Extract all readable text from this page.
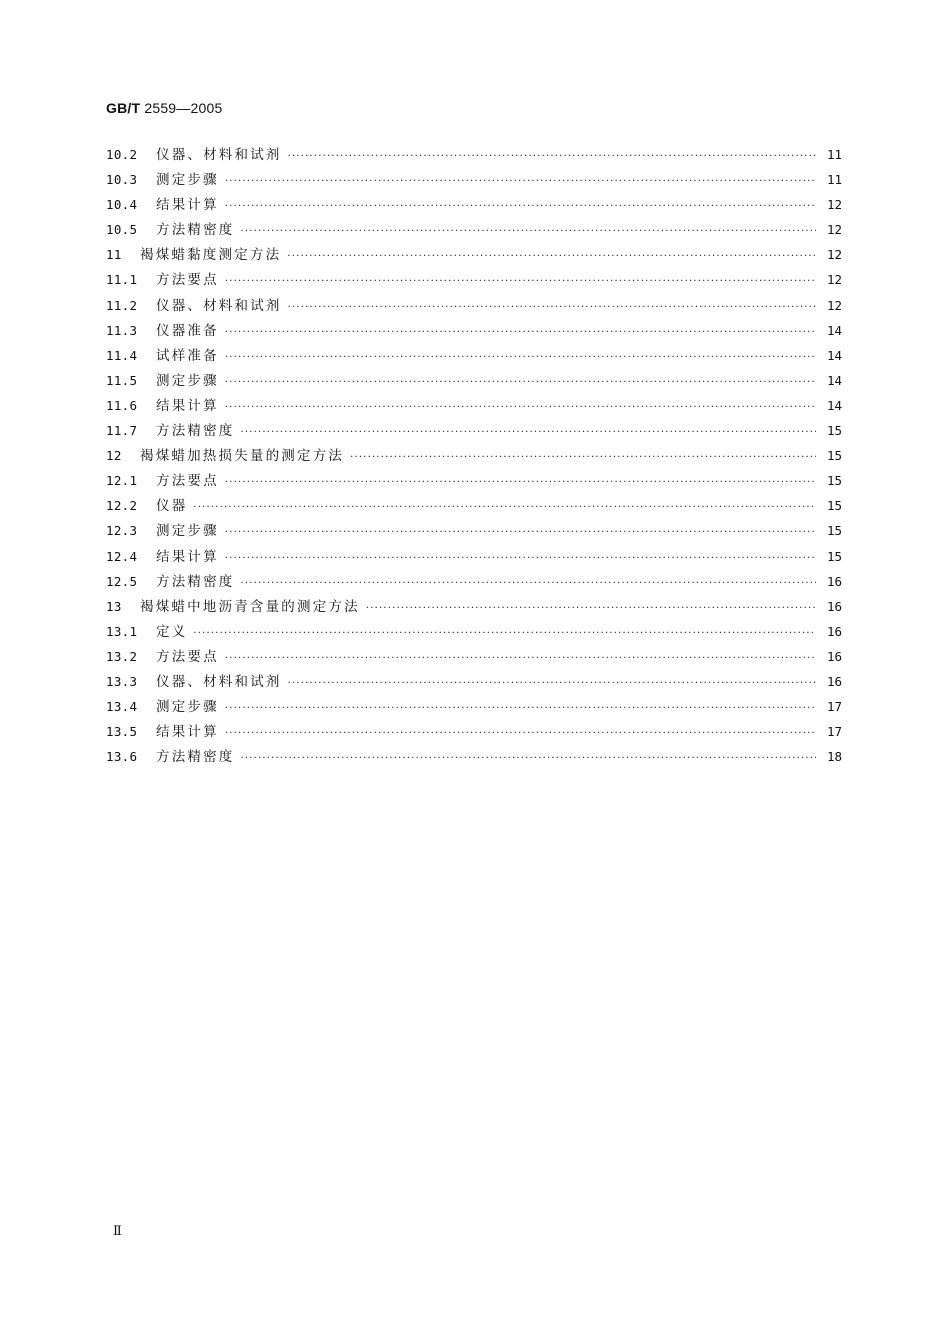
GB/T 2559—2005
10.2	仪器、材料和试剂 ·····	11
10.3	测定步骤 ·····	11
10.4	结果计算 ·····	12
10.5	方法精密度 ·····	12
11	褐煤蜡黏度测定方法 ·····	12
11.1	方法要点 ·····	12
11.2	仪器、材料和试剂 ·····	12
11.3	仪器准备 ·····	14
11.4	试样准备 ·····	14
11.5	测定步骤 ·····	14
11.6	结果计算 ·····	14
11.7	方法精密度 ·····	15
12	褐煤蜡加热损失量的测定方法 ·····	15
12.1	方法要点 ·····	15
12.2	仪器 ·····	15
12.3	测定步骤 ·····	15
12.4	结果计算 ·····	15
12.5	方法精密度 ·····	16
13	褐煤蜡中地沥青含量的测定方法 ·····	16
13.1	定义 ·····	16
13.2	方法要点 ·····	16
13.3	仪器、材料和试剂 ·····	16
13.4	测定步骤 ·····	17
13.5	结果计算 ·····	17
13.6	方法精密度 ·····	18
Ⅱ
